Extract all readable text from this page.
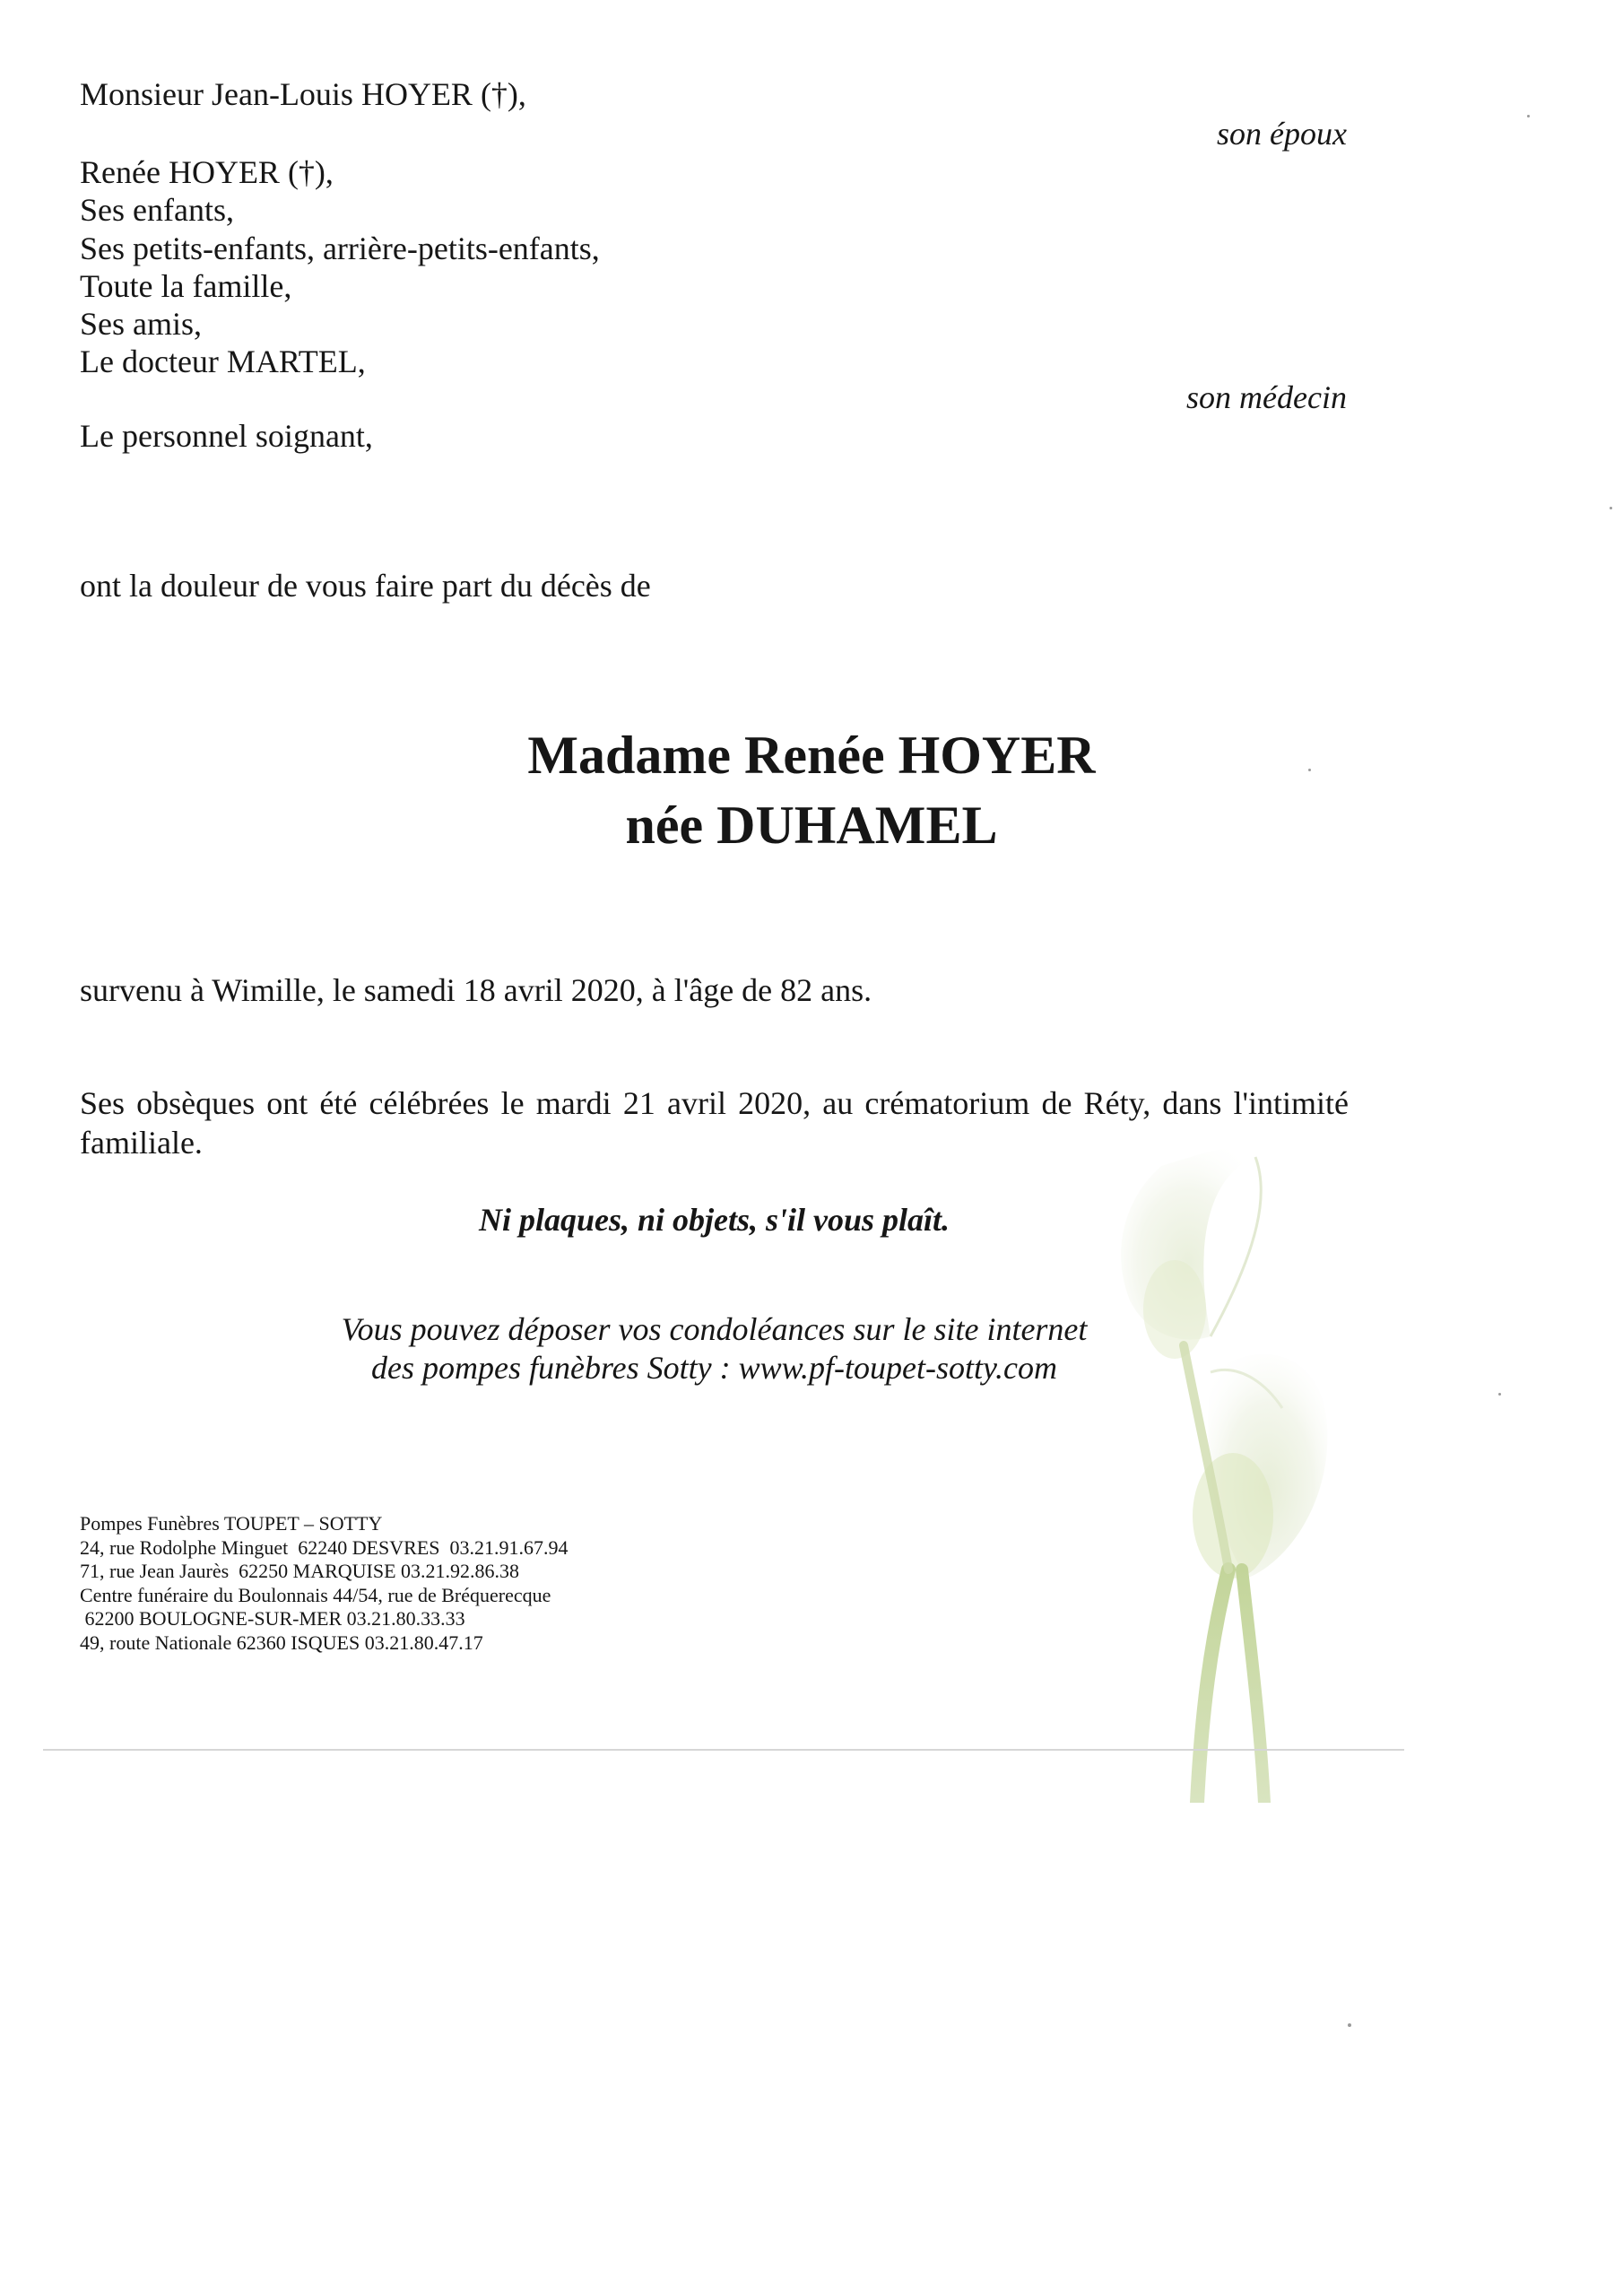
Monsieur Jean-Louis HOYER (†),
son époux
Renée HOYER (†),
Ses enfants,
Ses petits-enfants, arrière-petits-enfants,
Toute la famille,
Ses amis,
Le docteur MARTEL,
son médecin
Le personnel soignant,
ont la douleur de vous faire part du décès de
Madame Renée HOYER
née DUHAMEL
survenu à Wimille, le samedi 18 avril 2020, à l'âge de 82 ans.
Ses obsèques ont été célébrées le mardi 21 avril 2020, au crématorium de Réty, dans l'intimité familiale.
Ni plaques, ni objets, s'il vous plaît.
Vous pouvez déposer vos condoléances sur le site internet
des pompes funèbres Sotty : www.pf-toupet-sotty.com
Pompes Funèbres TOUPET – SOTTY
24, rue Rodolphe Minguet  62240 DESVRES  03.21.91.67.94
71, rue Jean Jaurès  62250 MARQUISE 03.21.92.86.38
Centre funéraire du Boulonnais 44/54, rue de Bréquerecque
62200 BOULOGNE-SUR-MER 03.21.80.33.33
49, route Nationale 62360 ISQUES 03.21.80.47.17
